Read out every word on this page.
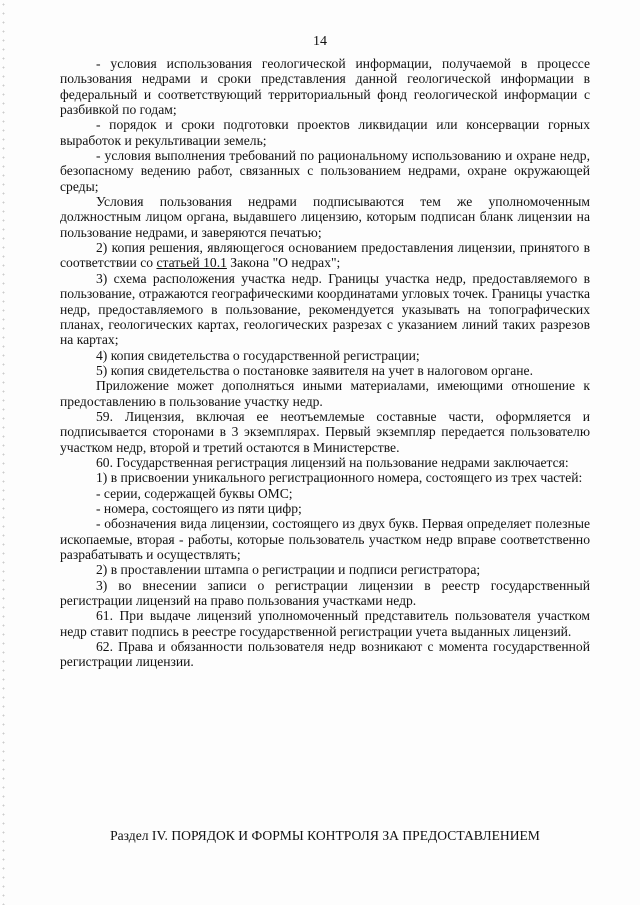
14

- условия использования геологической информации, получаемой в процессе пользования недрами и сроки представления данной геологической информации в федеральный и соответствующий территориальный фонд геологической информации с разбивкой по годам;

- порядок и сроки подготовки проектов ликвидации или консервации горных выработок и рекультивации земель;

- условия выполнения требований по рациональному использованию и охране недр, безопасному ведению работ, связанных с пользованием недрами, охране окружающей среды;

Условия пользования недрами подписываются тем же уполномоченным должностным лицом органа, выдавшего лицензию, которым подписан бланк лицензии на пользование недрами, и заверяются печатью;

2) копия решения, являющегося основанием предоставления лицензии, принятого в соответствии со статьей 10.1 Закона "О недрах";

3) схема расположения участка недр. Границы участка недр, предоставляемого в пользование, отражаются географическими координатами угловых точек. Границы участка недр, предоставляемого в пользование, рекомендуется указывать на топографических планах, геологических картах, геологических разрезах с указанием линий таких разрезов на картах;

4) копия свидетельства о государственной регистрации;

5) копия свидетельства о постановке заявителя на учет в налоговом органе.

Приложение может дополняться иными материалами, имеющими отношение к предоставлению в пользование участку недр.

59. Лицензия, включая ее неотъемлемые составные части, оформляется и подписывается сторонами в 3 экземплярах. Первый экземпляр передается пользователю участком недр, второй и третий остаются в Министерстве.

60. Государственная регистрация лицензий на пользование недрами заключается:

1) в присвоении уникального регистрационного номера, состоящего из трех частей:

- серии, содержащей буквы ОМС;

- номера, состоящего из пяти цифр;

- обозначения вида лицензии, состоящего из двух букв. Первая определяет полезные ископаемые, вторая - работы, которые пользователь участком недр вправе соответственно разрабатывать и осуществлять;

2) в проставлении штампа о регистрации и подписи регистратора;

3) во внесении записи о регистрации лицензии в реестр государственный регистрации лицензий на право пользования участками недр.

61. При выдаче лицензий уполномоченный представитель пользователя участком недр ставит подпись в реестре государственной регистрации учета выданных лицензий.

62. Права и обязанности пользователя недр возникают с момента государственной регистрации лицензии.

Раздел IV. ПОРЯДОК И ФОРМЫ КОНТРОЛЯ ЗА ПРЕДОСТАВЛЕНИЕМ
